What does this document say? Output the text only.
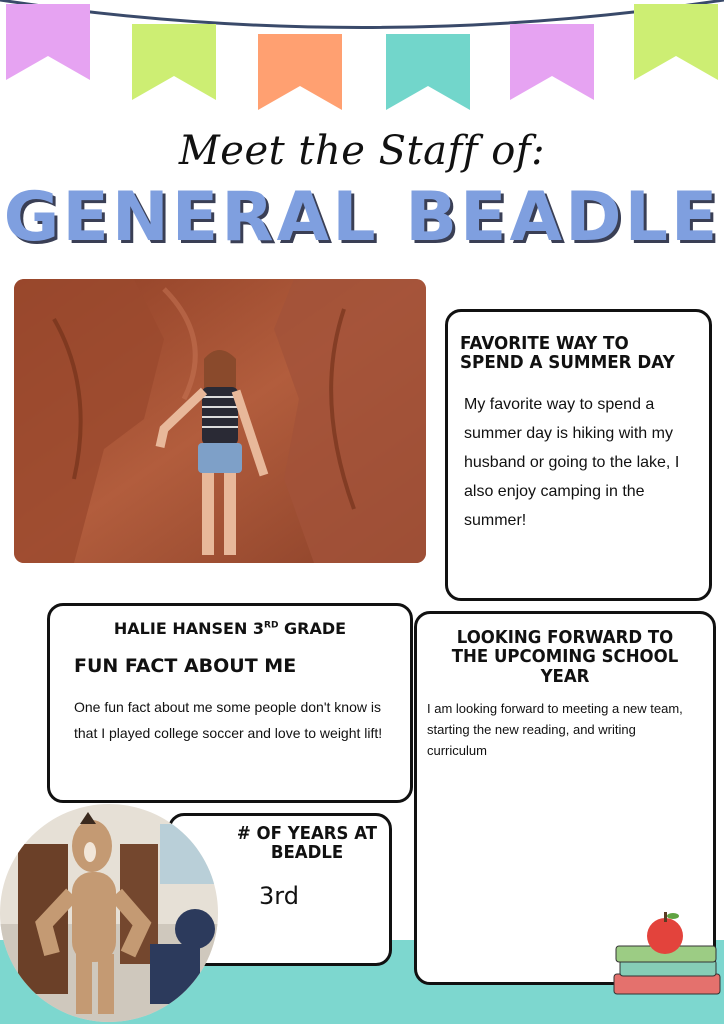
Meet the Staff of:
GENERAL BEADLE
FAVORITE WAY TO
SPEND A SUMMER DAY
My favorite way to spend a summer day is hiking with my husband or going to the lake, I also enjoy camping in the summer!
HALIE HANSEN 3RD GRADE
FUN FACT ABOUT ME
One fun fact about me some people don't know is that I played college soccer and love to weight lift!
LOOKING FORWARD TO
THE UPCOMING SCHOOL
YEAR
I am looking forward to meeting a new team, starting the new reading, and writing curriculum
# OF YEARS AT
BEADLE
3rd
